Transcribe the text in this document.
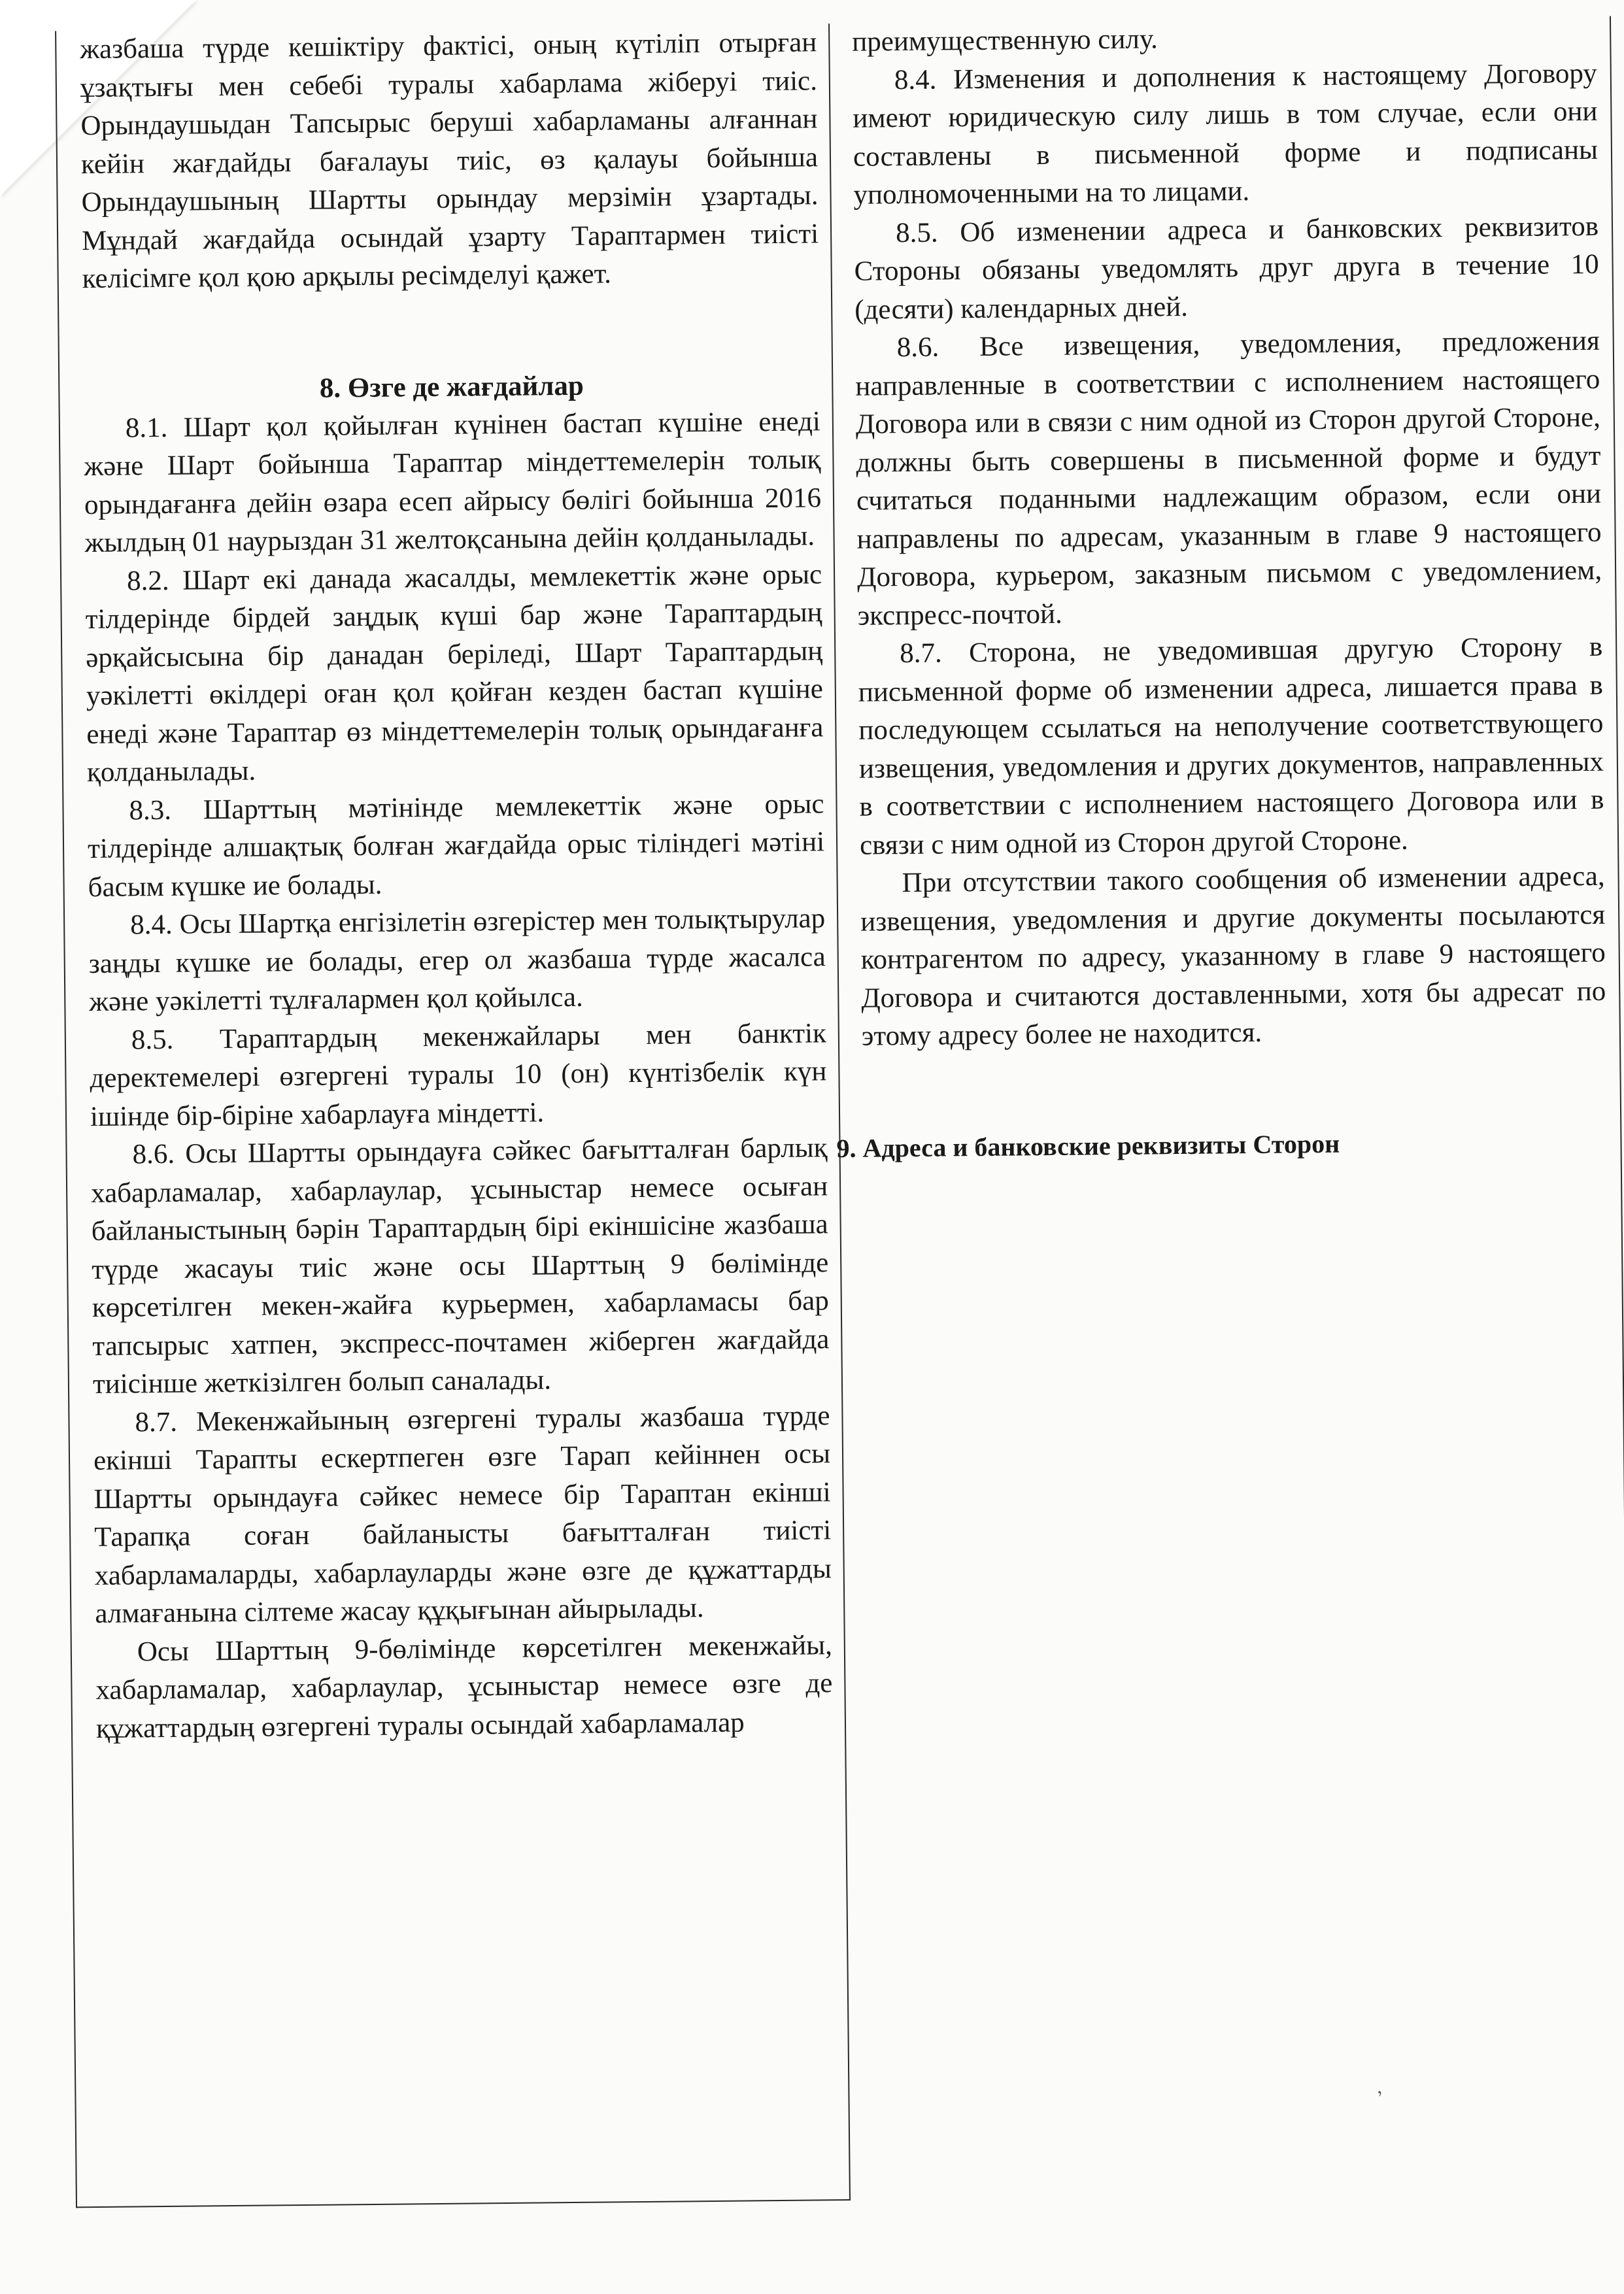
жазбаша түрде кешіктіру фактісі, оның күтіліп отырған ұзақтығы мен себебі туралы хабарлама жіберуі тиіс. Орындаушыдан Тапсырыс беруші хабарламаны алғаннан кейін жағдайды бағалауы тиіс, өз қалауы бойынша Орындаушының Шартты орындау мерзімін ұзартады. Мұндай жағдайда осындай ұзарту Тараптармен тиісті келісімге қол қою арқылы ресімделуі қажет.

8. Өзге де жағдайлар

8.1. Шарт қол қойылған күнінен бастап күшіне енеді және Шарт бойынша Тараптар міндеттемелерін толық орындағанға дейін өзара есеп айрысу бөлігі бойынша 2016 жылдың 01 наурыздан 31 желтоқсанына дейін қолданылады.

8.2. Шарт екі данада жасалды, мемлекеттік және орыс тілдерінде бірдей заңдық күші бар және Тараптардың әрқайсысына бір данадан беріледі, Шарт Тараптардың уәкілетті өкілдері оған қол қойған кезден бастап күшіне енеді және Тараптар өз міндеттемелерін толық орындағанға қолданылады.

8.3. Шарттың мәтінінде мемлекеттік және орыс тілдерінде алшақтық болған жағдайда орыс тіліндегі мәтіні басым күшке ие болады.

8.4. Осы Шартқа енгізілетін өзгерістер мен толықтырулар заңды күшке ие болады, егер ол жазбаша түрде жасалса және уәкілетті тұлғалармен қол қойылса.

8.5. Тараптардың мекенжайлары мен банктік деректемелері өзгергені туралы 10 (он) күнтізбелік күн ішінде бір-біріне хабарлауға міндетті.

8.6. Осы Шартты орындауға сәйкес бағытталған барлық хабарламалар, хабарлаулар, ұсыныстар немесе осыған байланыстының бәрін Тараптардың бірі екіншісіне жазбаша түрде жасауы тиіс және осы Шарттың 9 бөлімінде көрсетілген мекен-жайға курьермен, хабарламасы бар тапсырыс хатпен, экспресс-почтамен жіберген жағдайда тиісінше жеткізілген болып саналады.

8.7. Мекенжайының өзгергені туралы жазбаша түрде екінші Тарапты ескертпеген өзге Тарап кейіннен осы Шартты орындауға сәйкес немесе бір Тараптан екінші Тарапқа соған байланысты бағытталған тиісті хабарламаларды, хабарлауларды және өзге де құжаттарды алмағанына сілтеме жасау құқығынан айырылады.

Осы Шарттың 9-бөлімінде көрсетілген мекенжайы, хабарламалар, хабарлаулар, ұсыныстар немесе өзге де құжаттардың өзгергені туралы осындай хабарламалар

преимущественную силу.

8.4. Изменения и дополнения к настоящему Договору имеют юридическую силу лишь в том случае, если они составлены в письменной форме и подписаны уполномоченными на то лицами.

8.5. Об изменении адреса и банковских реквизитов Стороны обязаны уведомлять друг друга в течение 10 (десяти) календарных дней.

8.6. Все извещения, уведомления, предложения направленные в соответствии с исполнением настоящего Договора или в связи с ним одной из Сторон другой Стороне, должны быть совершены в письменной форме и будут считаться поданными надлежащим образом, если они направлены по адресам, указанным в главе 9 настоящего Договора, курьером, заказным письмом с уведомлением, экспресс-почтой.

8.7. Сторона, не уведомившая другую Сторону в письменной форме об изменении адреса, лишается права в последующем ссылаться на неполучение соответствующего извещения, уведомления и других документов, направленных в соответствии с исполнением настоящего Договора или в связи с ним одной из Сторон другой Стороне.

При отсутствии такого сообщения об изменении адреса, извещения, уведомления и другие документы посылаются контрагентом по адресу, указанному в главе 9 настоящего Договора и считаются доставленными, хотя бы адресат по этому адресу более не находится.

9. Адреса и банковские реквизиты Сторон

ʼ
